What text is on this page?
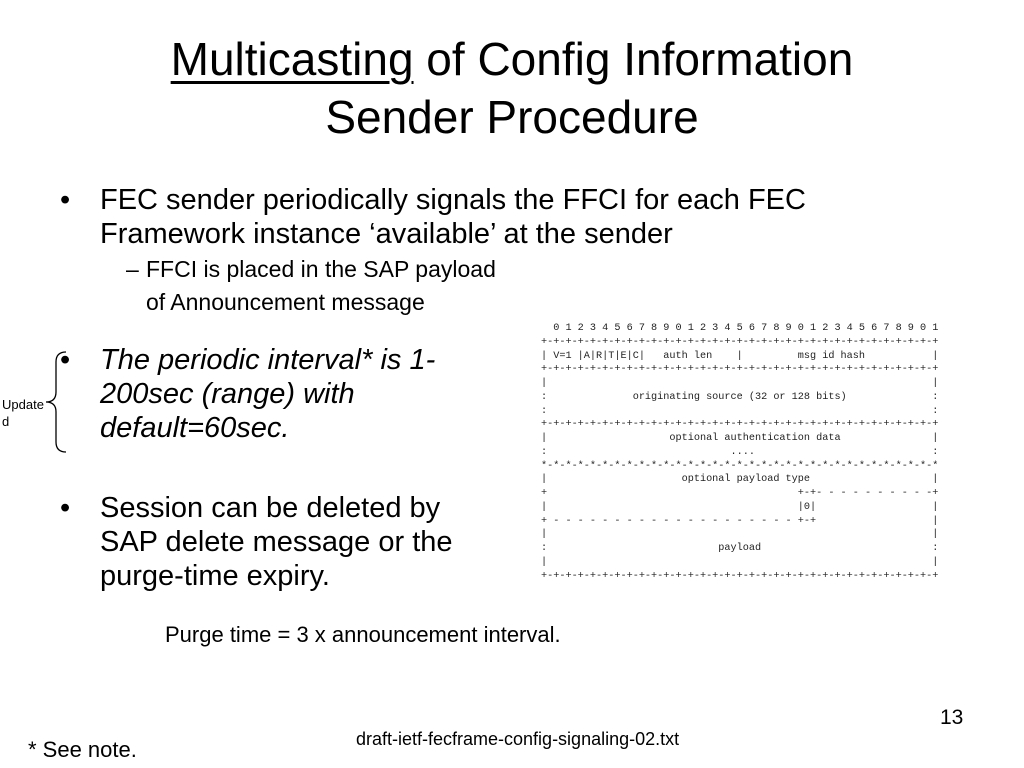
Multicasting of Config Information
Sender Procedure
• FEC sender periodically signals the FFCI for each FEC
Framework instance ‘available’ at the sender
– FFCI is placed in the SAP payload
of Announcement message
• The periodic interval* is 1-
200sec (range) with
default=60sec.
Updated
• Session can be deleted by
SAP delete message or the
purge-time expiry.
0 1 2 3 4 5 6 7 8 9 0 1 2 3 4 5 6 7 8 9 0 1 2 3 4 5 6 7 8 9 0 1
+-+-+-+-+-+-+-+-+-+-+-+-+-+-+-+-+-+-+-+-+-+-+-+-+-+-+-+-+-+-+-+-+
| V=1 |A|R|T|E|C|   auth len    |         msg id hash           |
+-+-+-+-+-+-+-+-+-+-+-+-+-+-+-+-+-+-+-+-+-+-+-+-+-+-+-+-+-+-+-+-+
|                                                               |
:              originating source (32 or 128 bits)              :
:                                                               :
+-+-+-+-+-+-+-+-+-+-+-+-+-+-+-+-+-+-+-+-+-+-+-+-+-+-+-+-+-+-+-+-+
|                    optional authentication data               |
:                              ....                             :
*-*-*-*-*-*-*-*-*-*-*-*-*-*-*-*-*-*-*-*-*-*-*-*-*-*-*-*-*-*-*-*-*
|                      optional payload type                    |
+                                         +-+- - - - - - - - - -+
|                                         |0|                   |
+ - - - - - - - - - - - - - - - - - - - - +-+                   |
|                                                               |
:                            payload                            :
|                                                               |
+-+-+-+-+-+-+-+-+-+-+-+-+-+-+-+-+-+-+-+-+-+-+-+-+-+-+-+-+-+-+-+-+
Purge time = 3 x announcement interval.
13
draft-ietf-fecframe-config-signaling-02.txt
* See note.
